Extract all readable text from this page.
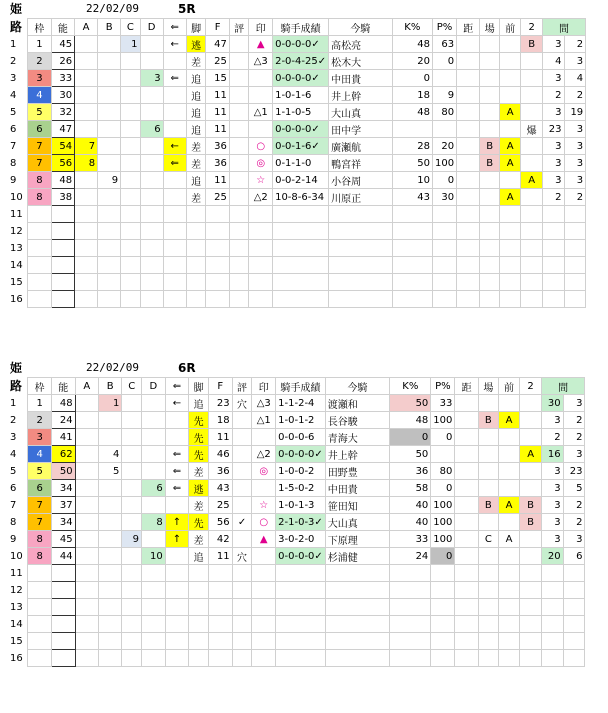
姫路
22/02/09	5R
	枠	能	A	B	C	D	⇐	脚	F	評	印	騎手成績	今騎	K%	P%	距	場	前	2	間	
1	1	45			1		←	逃	47		▲	0-0-0-0✓	高松亮	48	63				B	3	2
2	2	26						差	25		△3	2-0-4-25✓	松木大	20	0					4	3
3	3	33				3	⇐	追	15			0-0-0-0✓	中田貴	0						3	4
4	4	30						追	11			1-0-1-6	井上幹	18	9					2	2
5	5	32						追	11		△1	1-1-0-5	大山真	48	80			A		3	19
6	6	47				6		追	11			0-0-0-0✓	田中学						爆	23	3
7	7	54	7				←	差	36		○	0-0-1-6✓	廣瀬航	28	20		B	A		3	3
8	7	56	8				⇐	差	36		◎	0-1-1-0	鴨宮祥	50	100		B	A		3	3
9	8	48		9				追	11		☆	0-0-2-14	小谷周	10	0				A	3	3
10	8	38						差	25		△2	10-8-6-34	川原正	43	30			A		2	2
11																					
12																					
13																					
14																					
15																					
16																					
姫路
22/02/09	6R
	枠	能	A	B	C	D	⇐	脚	F	評	印	騎手成績	今騎	K%	P%	距	場	前	2	間	
1	1	48		1			←	追	23	穴	△3	1-1-2-4	渡瀬和	50	33					30	3
2	2	24						先	18		△1	1-0-1-2	長谷駿	48	100		B	A		3	2
3	3	41						先	11			0-0-0-6	青海大	0	0					2	2
4	4	62		4			⇐	先	46		△2	0-0-0-0✓	井上幹	50					A	16	3
5	5	50		5			⇐	差	36		◎	1-0-0-2	田野豊	36	80					3	23
6	6	34				6	⇐	逃	43			1-5-0-2	中田貴	58	0					3	5
7	7	37						差	25		☆	1-0-1-3	笹田知	40	100		B	A	B	3	2
8	7	34				8	↑	先	56	✓	○	2-1-0-3✓	大山真	40	100				B	3	2
9	8	45			9		↑	差	42		▲	3-0-2-0	下原理	33	100		C	A		3	3
10	8	44				10		追	11	穴		0-0-0-0✓	杉浦健	24	0					20	6
11																					
12																					
13																					
14																					
15																					
16																					
